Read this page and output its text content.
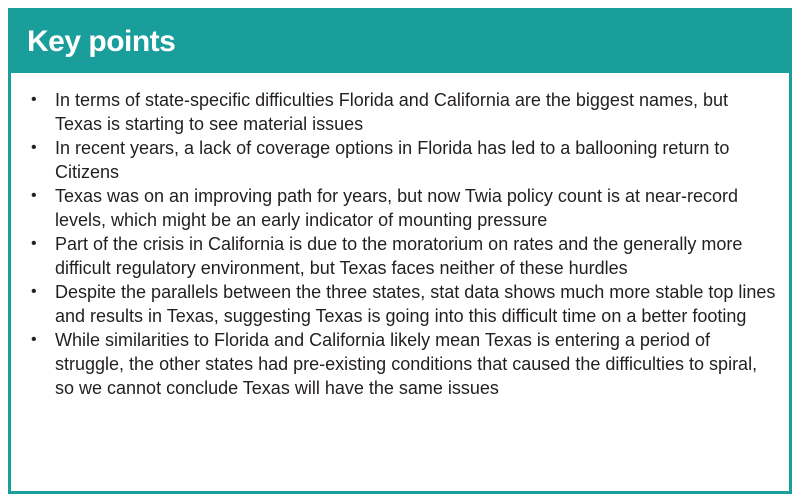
Key points
•	In terms of state-specific difficulties Florida and California are the biggest names, but Texas is starting to see material issues
•	In recent years, a lack of coverage options in Florida has led to a ballooning return to Citizens
•	Texas was on an improving path for years, but now Twia policy count is at near-record levels, which might be an early indicator of mounting pressure
•	Part of the crisis in California is due to the moratorium on rates and the generally more difficult regulatory environment, but Texas faces neither of these hurdles
•	Despite the parallels between the three states, stat data shows much more stable top lines and results in Texas, suggesting Texas is going into this difficult time on a better footing
•	While similarities to Florida and California likely mean Texas is entering a period of struggle, the other states had pre-existing conditions that caused the difficulties to spiral, so we cannot conclude Texas will have the same issues
